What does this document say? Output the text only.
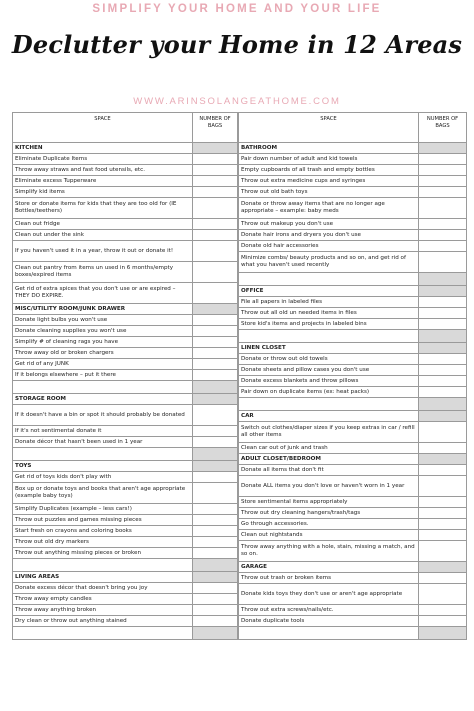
SIMPLIFY YOUR HOME AND YOUR LIFE
Declutter your Home in 12 Areas
WWW.ARINSOLANGEATHOME.COM
SPACE	NUMBER OF BAGS
KITCHEN	
Eliminate Duplicate Items	
Throw away straws and fast food utensils, etc.	
Eliminate excess Tupperware	
Simplify kid items	
Store or donate items for kids that they are too old for (IE Bottles/teethers)	
Clean out fridge	
Clean out under the sink	
If you haven't used it in a year, throw it out or donate it!	
Clean out pantry from items un used in 6 months/empty boxes/expired items	
Get rid of extra spices that you don't use or are expired – THEY DO EXPIRE.	
MISC/UTILITY ROOM/JUNK DRAWER	
Donate light bulbs you won't use	
Donate cleaning supplies you won't use	
Simplify # of cleaning rags you have	
Throw away old or broken chargers	
Get rid of any JUNK	
If it belongs elsewhere – put it there	

STORAGE ROOM	
If it doesn't have a bin or spot it should probably be donated	
If it's not sentimental donate it	
Donate décor that hasn't been used in 1 year	

TOYS	
Get rid of toys kids don't play with	
Box up or donate toys and books that aren't age appropriate (example baby toys)	
Simplify Duplicates (example – less cars!)	
Throw out puzzles and games missing pieces	
Start fresh on crayons and coloring books	
Throw out old dry markers	
Throw out anything missing pieces or broken	

LIVING AREAS	
Donate excess décor that doesn't bring you joy	
Throw away empty candles	
Throw away anything broken	
Dry clean or throw out anything stained	

SPACE	NUMBER OF BAGS
BATHROOM	
Pair down number of adult and kid towels	
Empty cupboards of all trash and empty bottles	
Throw out extra medicine cups and syringes	
Throw out old bath toys	
Donate or throw away items that are no longer age appropriate – example: baby meds	
Throw out makeup you don't use	
Donate hair irons and dryers you don't use	
Donate old hair accessories	
Minimize combs/ beauty products and so on, and get rid of what you haven't used recently	

OFFICE	
File all papers in labeled files	
Throw out all old un needed items in files	
Store kid's items and projects in labeled bins	

LINEN CLOSET	
Donate or throw out old towels	
Donate sheets and pillow cases you don't use	
Donate excess blankets and throw pillows	
Pair down on duplicate items (ex: heat packs)	

CAR	
Switch out clothes/diaper sizes if you keep extras in car / refill all other items	
Clean car out of junk and trash	
ADULT CLOSET/BEDROOM	
Donate all items that don't fit	
Donate ALL items you don't love or haven't worn in 1 year	
Store sentimental items appropriately	
Throw out dry cleaning hangers/trash/tags	
Go through accessories.	
Clean out nightstands	
Throw away anything with a hole, stain, missing a match, and so on.	
GARAGE	
Throw out trash or broken items	
Donate kids toys they don't use or aren't age appropriate	
Throw out extra screws/nails/etc.	
Donate duplicate tools	
